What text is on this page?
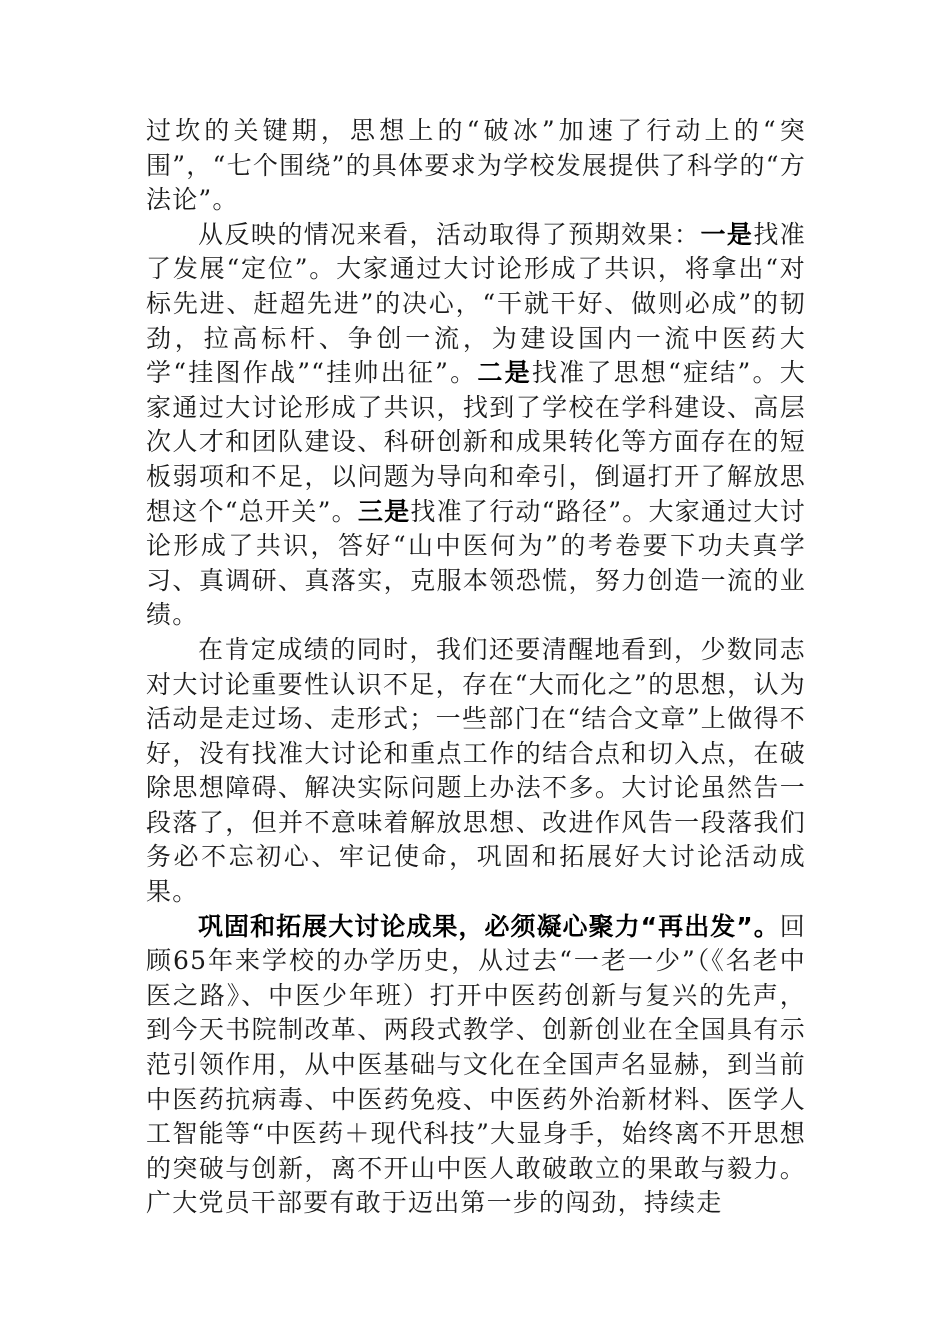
过坎的关键期，思想上的“破冰”加速了行动上的“突围”，“七个围绕”的具体要求为学校发展提供了科学的“方法论”。

从反映的情况来看，活动取得了预期效果：一是找准了发展“定位”。大家通过大讨论形成了共识，将拿出“对标先进、赶超先进”的决心，“干就干好、做则必成”的韧劲，拉高标杆、争创一流，为建设国内一流中医药大学“挂图作战”“挂帅出征”。二是找准了思想“症结”。大家通过大讨论形成了共识，找到了学校在学科建设、高层次人才和团队建设、科研创新和成果转化等方面存在的短板弱项和不足，以问题为导向和牵引，倒逼打开了解放思想这个“总开关”。三是找准了行动“路径”。大家通过大讨论形成了共识，答好“山中医何为”的考卷要下功夫真学习、真调研、真落实，克服本领恐慌，努力创造一流的业绩。

在肯定成绩的同时，我们还要清醒地看到，少数同志对大讨论重要性认识不足，存在“大而化之”的思想，认为活动是走过场、走形式；一些部门在“结合文章”上做得不好，没有找准大讨论和重点工作的结合点和切入点，在破除思想障碍、解决实际问题上办法不多。大讨论虽然告一段落了，但并不意味着解放思想、改进作风告一段落我们务必不忘初心、牢记使命，巩固和拓展好大讨论活动成果。

巩固和拓展大讨论成果，必须凝心聚力“再出发”。回顾65年来学校的办学历史，从过去“一老一少”（《名老中医之路》、中医少年班）打开中医药创新与复兴的先声，到今天书院制改革、两段式教学、创新创业在全国具有示范引领作用，从中医基础与文化在全国声名显赫，到当前中医药抗病毒、中医药免疫、中医药外治新材料、医学人工智能等“中医药＋现代科技”大显身手，始终离不开思想的突破与创新，离不开山中医人敢破敢立的果敢与毅力。广大党员干部要有敢于迈出第一步的闯劲，持续走
